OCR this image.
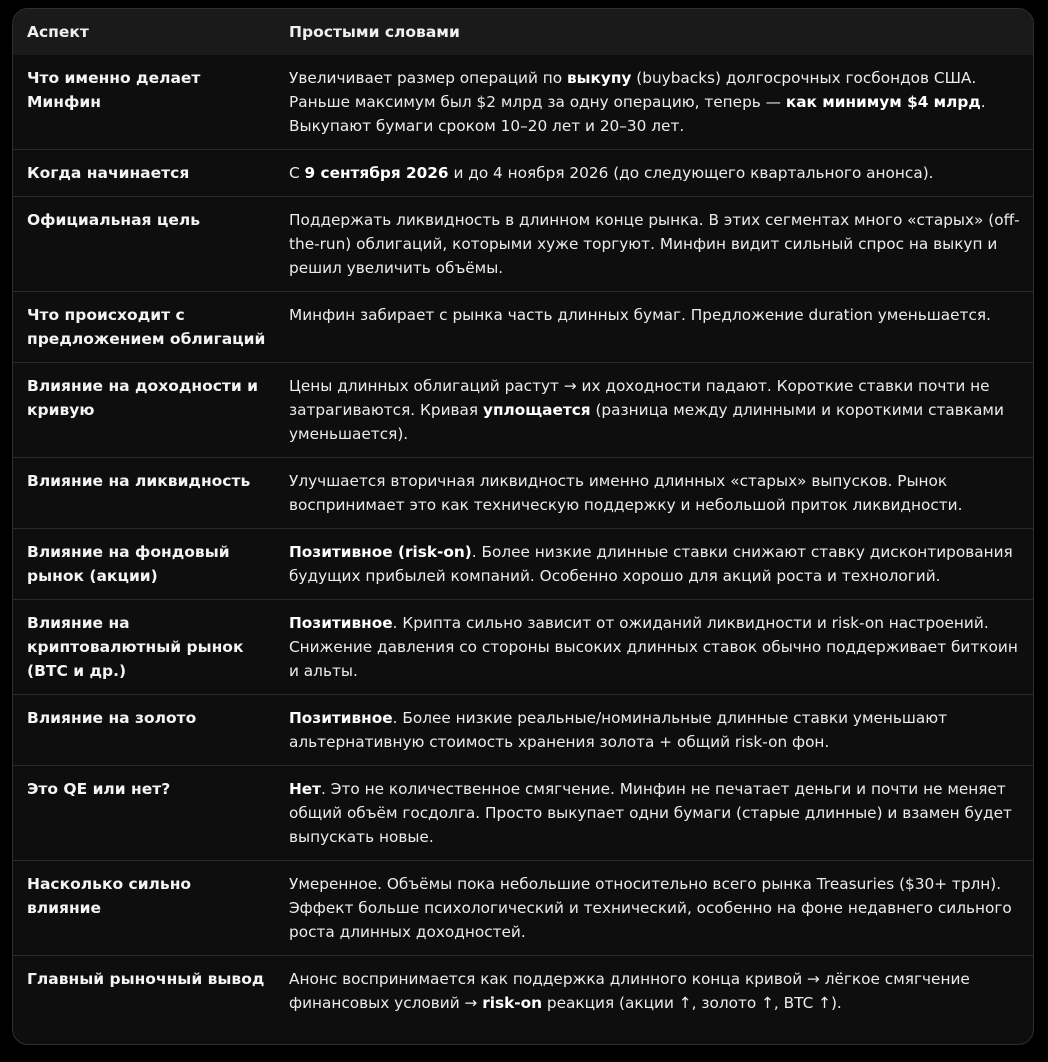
Аспект	Простыми словами
Что именно делает Минфин	Увеличивает размер операций по выкупу (buybacks) долгосрочных госбондов США. Раньше максимум был $2 млрд за одну операцию, теперь — как минимум $4 млрд. Выкупают бумаги сроком 10–20 лет и 20–30 лет.
Когда начинается	С 9 сентября 2026 и до 4 ноября 2026 (до следующего квартального анонса).
Официальная цель	Поддержать ликвидность в длинном конце рынка. В этих сегментах много «старых» (off-the-run) облигаций, которыми хуже торгуют. Минфин видит сильный спрос на выкуп и решил увеличить объёмы.
Что происходит с предложением облигаций	Минфин забирает с рынка часть длинных бумаг. Предложение duration уменьшается.
Влияние на доходности и кривую	Цены длинных облигаций растут → их доходности падают. Короткие ставки почти не затрагиваются. Кривая уплощается (разница между длинными и короткими ставками уменьшается).
Влияние на ликвидность	Улучшается вторичная ликвидность именно длинных «старых» выпусков. Рынок воспринимает это как техническую поддержку и небольшой приток ликвидности.
Влияние на фондовый рынок (акции)	Позитивное (risk-on). Более низкие длинные ставки снижают ставку дисконтирования будущих прибылей компаний. Особенно хорошо для акций роста и технологий.
Влияние на криптовалютный рынок (BTC и др.)	Позитивное. Крипта сильно зависит от ожиданий ликвидности и risk-on настроений. Снижение давления со стороны высоких длинных ставок обычно поддерживает биткоин и альты.
Влияние на золото	Позитивное. Более низкие реальные/номинальные длинные ставки уменьшают альтернативную стоимость хранения золота + общий risk-on фон.
Это QE или нет?	Нет. Это не количественное смягчение. Минфин не печатает деньги и почти не меняет общий объём госдолга. Просто выкупает одни бумаги (старые длинные) и взамен будет выпускать новые.
Насколько сильно влияние	Умеренное. Объёмы пока небольшие относительно всего рынка Treasuries ($30+ трлн). Эффект больше психологический и технический, особенно на фоне недавнего сильного роста длинных доходностей.
Главный рыночный вывод	Анонс воспринимается как поддержка длинного конца кривой → лёгкое смягчение финансовых условий → risk-on реакция (акции ↑, золото ↑, BTC ↑).
